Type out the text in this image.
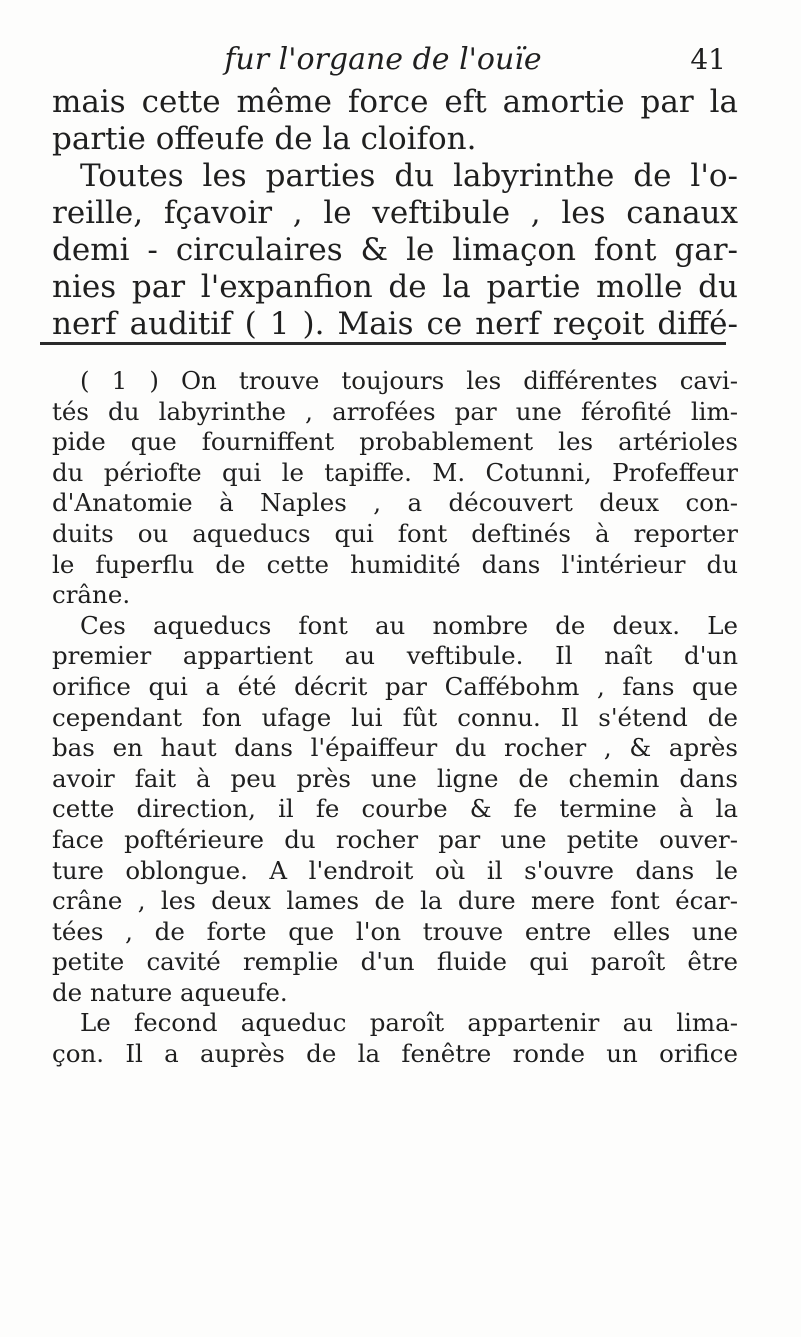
fur l'organe de l'ouïe	41
mais cette même force eft amortie par la
partie offeufe de la cloifon.
Toutes les parties du labyrinthe de l'o-
reille, fçavoir , le veftibule , les canaux
demi - circulaires & le limaçon font gar-
nies par l'expanfion de la partie molle du
nerf auditif ( 1 ). Mais ce nerf reçoit diffé-
( 1 ) On trouve toujours les différentes cavi-
tés du labyrinthe , arrofées par une férofité lim-
pide que fourniffent probablement les artérioles
du périofte qui le tapiffe. M. Cotunni, Profeffeur
d'Anatomie à Naples , a découvert deux con-
duits ou aqueducs qui font deftinés à reporter
le fuperflu de cette humidité dans l'intérieur du
crâne.
Ces aqueducs font au nombre de deux. Le
premier appartient au veftibule. Il naît d'un
orifice qui a été décrit par Caffébohm , fans que
cependant fon ufage lui fût connu. Il s'étend de
bas en haut dans l'épaiffeur du rocher , & après
avoir fait à peu près une ligne de chemin dans
cette direction, il fe courbe & fe termine à la
face poftérieure du rocher par une petite ouver-
ture oblongue. A l'endroit où il s'ouvre dans le
crâne , les deux lames de la dure mere font écar-
tées , de forte que l'on trouve entre elles une
petite cavité remplie d'un fluide qui paroît être
de nature aqueufe.
Le fecond aqueduc paroît appartenir au lima-
çon. Il a auprès de la fenêtre ronde un orifice
